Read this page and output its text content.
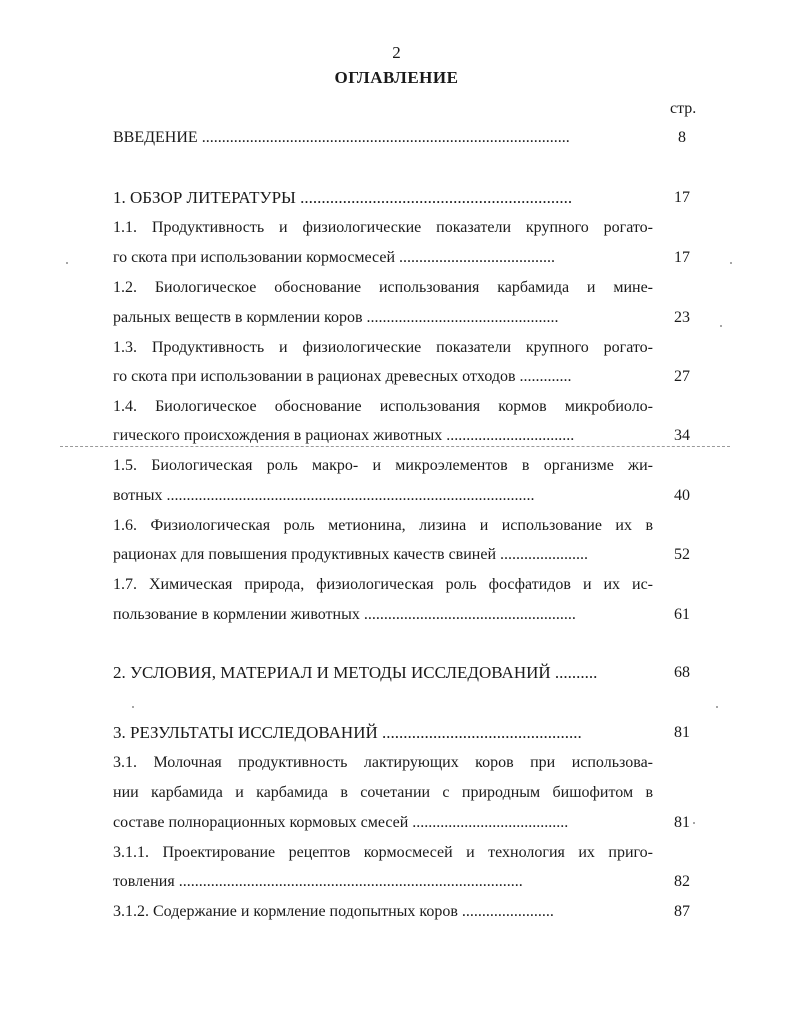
2
ОГЛАВЛЕНИЕ
стр.
ВВЕДЕНИЕ ............................................................................................	8
1. ОБЗОР ЛИТЕРАТУРЫ ................................................................	17
1.1. Продуктивность и физиологические показатели крупного рогато-
го скота при использовании кормосмесей .......................................	17
1.2. Биологическое обоснование использования карбамида и мине-
ральных веществ в кормлении коров ................................................	23
1.3. Продуктивность и физиологические показатели крупного рогато-
го скота при использовании в рационах древесных отходов .............	27
1.4. Биологическое обоснование использования кормов микробиоло-
гического происхождения в рационах животных ................................	34
1.5. Биологическая роль макро- и микроэлементов в организме жи-
вотных ............................................................................................	40
1.6. Физиологическая роль метионина, лизина и использование их в
рационах для повышения продуктивных качеств свиней ......................	52
1.7. Химическая природа, физиологическая роль фосфатидов и их ис-
пользование в кормлении животных .....................................................	61
2. УСЛОВИЯ, МАТЕРИАЛ И МЕТОДЫ ИССЛЕДОВАНИЙ ..........	68
3. РЕЗУЛЬТАТЫ ИССЛЕДОВАНИЙ ...............................................	81
3.1. Молочная продуктивность лактирующих коров при использова-
нии карбамида и карбамида в сочетании с природным бишофитом в
составе полнорационных кормовых смесей .......................................	81
3.1.1. Проектирование рецептов кормосмесей и технология их приго-
товления ......................................................................................	82
3.1.2. Содержание и кормление подопытных коров .......................	87
